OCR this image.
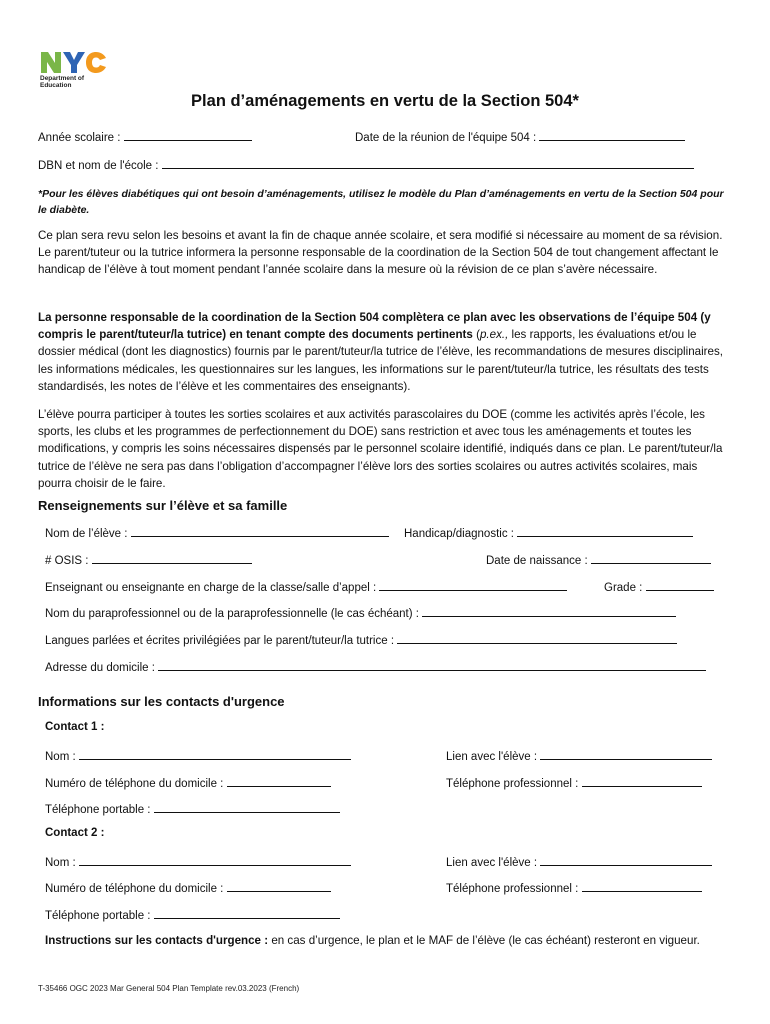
Department of
Education
Plan d’aménagements en vertu de la Section 504*
Année scolaire :	Date de la réunion de l'équipe 504 :
DBN et nom de l'école :
*Pour les élèves diabétiques qui ont besoin d’aménagements, utilisez le modèle du Plan d’aménagements en vertu de la Section 504 pour le diabète.
Ce plan sera revu selon les besoins et avant la fin de chaque année scolaire, et sera modifié si nécessaire au moment de sa révision. Le parent/tuteur ou la tutrice informera la personne responsable de la coordination de la Section 504 de tout changement affectant le handicap de l’élève à tout moment pendant l’année scolaire dans la mesure où la révision de ce plan s’avère nécessaire.
La personne responsable de la coordination de la Section 504 complètera ce plan avec les observations de l’équipe 504 (y compris le parent/tuteur/la tutrice) en tenant compte des documents pertinents (p.ex., les rapports, les évaluations et/ou le dossier médical (dont les diagnostics) fournis par le parent/tuteur/la tutrice de l’élève, les recommandations de mesures disciplinaires, les informations médicales, les questionnaires sur les langues, les informations sur le parent/tuteur/la tutrice, les résultats des tests standardisés, les notes de l’élève et les commentaires des enseignants).
L’élève pourra participer à toutes les sorties scolaires et aux activités parascolaires du DOE (comme les activités après l’école, les sports, les clubs et les programmes de perfectionnement du DOE) sans restriction et avec tous les aménagements et toutes les modifications, y compris les soins nécessaires dispensés par le personnel scolaire identifié, indiqués dans ce plan. Le parent/tuteur/la tutrice de l’élève ne sera pas dans l’obligation d’accompagner l’élève lors des sorties scolaires ou autres activités scolaires, mais pourra choisir de le faire.
Renseignements sur l’élève et sa famille
Nom de l’élève :	Handicap/diagnostic :
# OSIS :	Date de naissance :
Enseignant ou enseignante en charge de la classe/salle d’appel :	Grade :
Nom du paraprofessionnel ou de la paraprofessionnelle (le cas échéant) :
Langues parlées et écrites privilégiées par le parent/tuteur/la tutrice :
Adresse du domicile :
Informations sur les contacts d'urgence
Contact 1 :
Nom :	Lien avec l'élève :
Numéro de téléphone du domicile :	Téléphone professionnel :
Téléphone portable :
Contact 2 :
Nom :	Lien avec l'élève :
Numéro de téléphone du domicile :	Téléphone professionnel :
Téléphone portable :
Instructions sur les contacts d'urgence : en cas d’urgence, le plan et le MAF de l’élève (le cas échéant) resteront en vigueur.
T-35466 OGC 2023 Mar General 504 Plan Template rev.03.2023 (French)
